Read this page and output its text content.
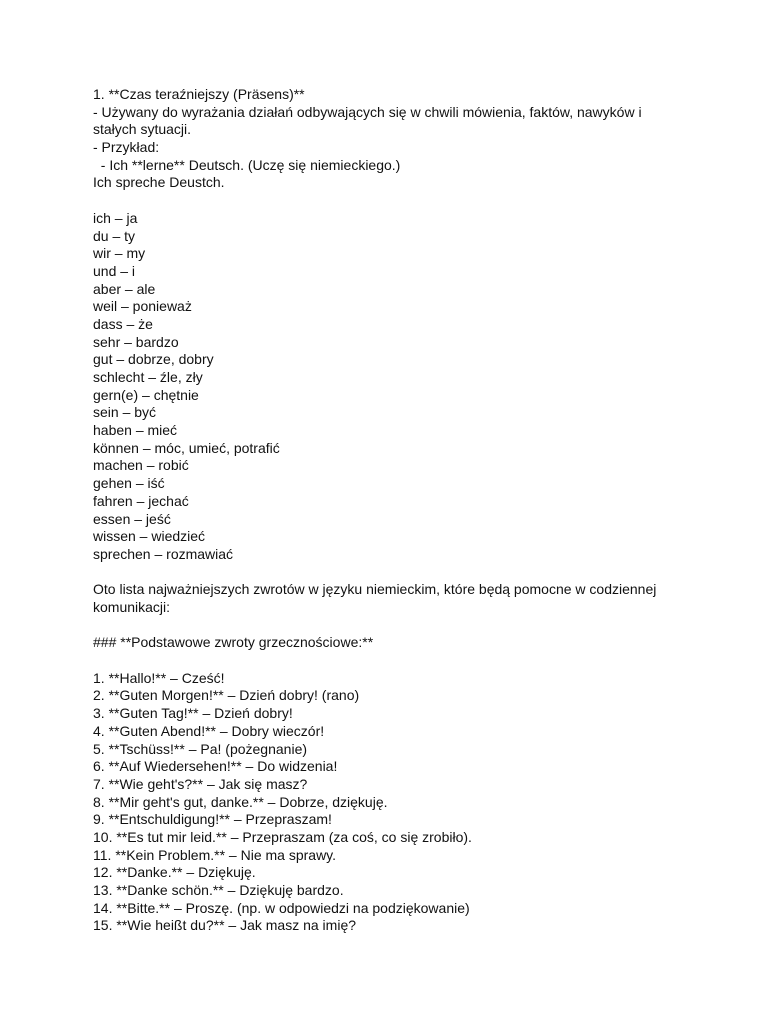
1. **Czas teraźniejszy (Präsens)**
- Używany do wyrażania działań odbywających się w chwili mówienia, faktów, nawyków i stałych sytuacji.
- Przykład:
- Ich **lerne** Deutsch. (Uczę się niemieckiego.)
Ich spreche Deustch.
ich – ja
du – ty
wir – my
und – i
aber – ale
weil – ponieważ
dass – że
sehr – bardzo
gut – dobrze, dobry
schlecht – źle, zły
gern(e) – chętnie
sein – być
haben – mieć
können – móc, umieć, potrafić
machen – robić
gehen – iść
fahren – jechać
essen – jeść
wissen – wiedzieć
sprechen – rozmawiać
Oto lista najważniejszych zwrotów w języku niemieckim, które będą pomocne w codziennej komunikacji:
### **Podstawowe zwroty grzecznościowe:**
1. **Hallo!** – Cześć!
2. **Guten Morgen!** – Dzień dobry! (rano)
3. **Guten Tag!** – Dzień dobry!
4. **Guten Abend!** – Dobry wieczór!
5. **Tschüss!** – Pa! (pożegnanie)
6. **Auf Wiedersehen!** – Do widzenia!
7. **Wie geht's?** – Jak się masz?
8. **Mir geht's gut, danke.** – Dobrze, dziękuję.
9. **Entschuldigung!** – Przepraszam!
10. **Es tut mir leid.** – Przepraszam (za coś, co się zrobiło).
11. **Kein Problem.** – Nie ma sprawy.
12. **Danke.** – Dziękuję.
13. **Danke schön.** – Dziękuję bardzo.
14. **Bitte.** – Proszę. (np. w odpowiedzi na podziękowanie)
15. **Wie heißt du?** – Jak masz na imię?
